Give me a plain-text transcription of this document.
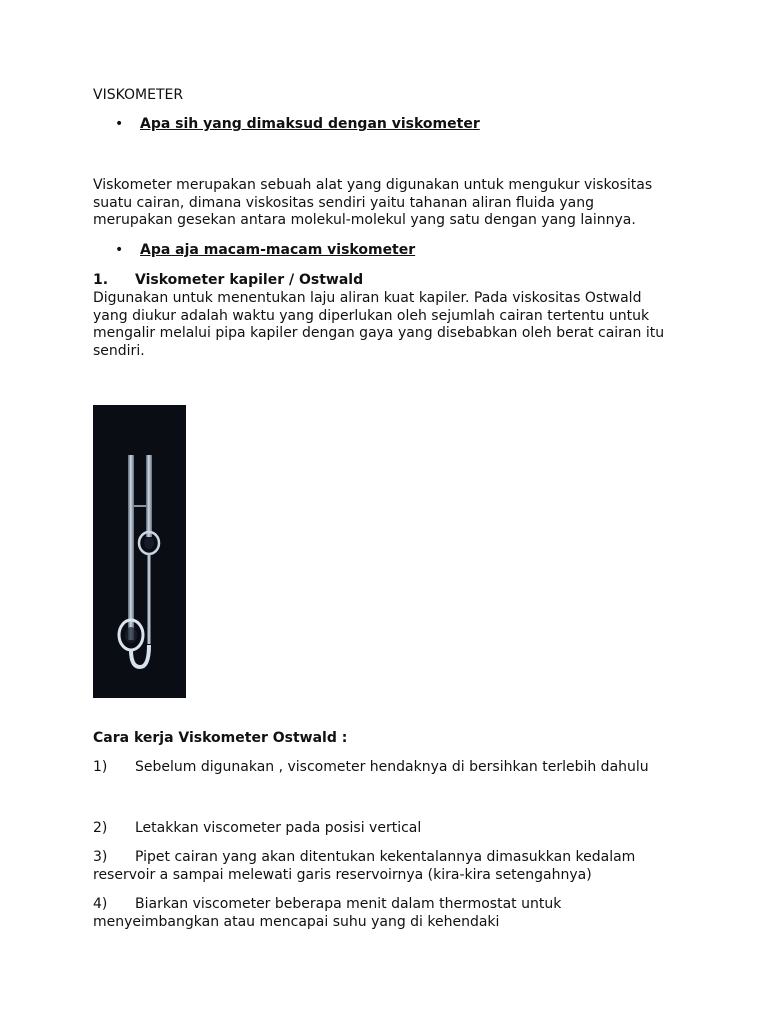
VISKOMETER

• Apa sih yang dimaksud dengan viskometer
Viskometer merupakan sebuah alat yang digunakan untuk mengukur viskositas
suatu cairan, dimana viskositas sendiri yaitu tahanan aliran fluida yang
merupakan gesekan antara molekul-molekul yang satu dengan yang lainnya.
• Apa aja macam-macam viskometer
1. Viskometer kapiler / Ostwald
Digunakan untuk menentukan laju aliran kuat kapiler. Pada viskositas Ostwald
yang diukur adalah waktu yang diperlukan oleh sejumlah cairan tertentu untuk
mengalir melalui pipa kapiler dengan gaya yang disebabkan oleh berat cairan itu
sendiri.
Cara kerja Viskometer Ostwald :
1) Sebelum digunakan , viscometer hendaknya di bersihkan terlebih dahulu
2) Letakkan viscometer pada posisi vertical
3) Pipet cairan yang akan ditentukan kekentalannya dimasukkan kedalam
reservoir a sampai melewati garis reservoirnya (kira-kira setengahnya)
4) Biarkan viscometer beberapa menit dalam thermostat untuk
menyeimbangkan atau mencapai suhu yang di kehendaki
